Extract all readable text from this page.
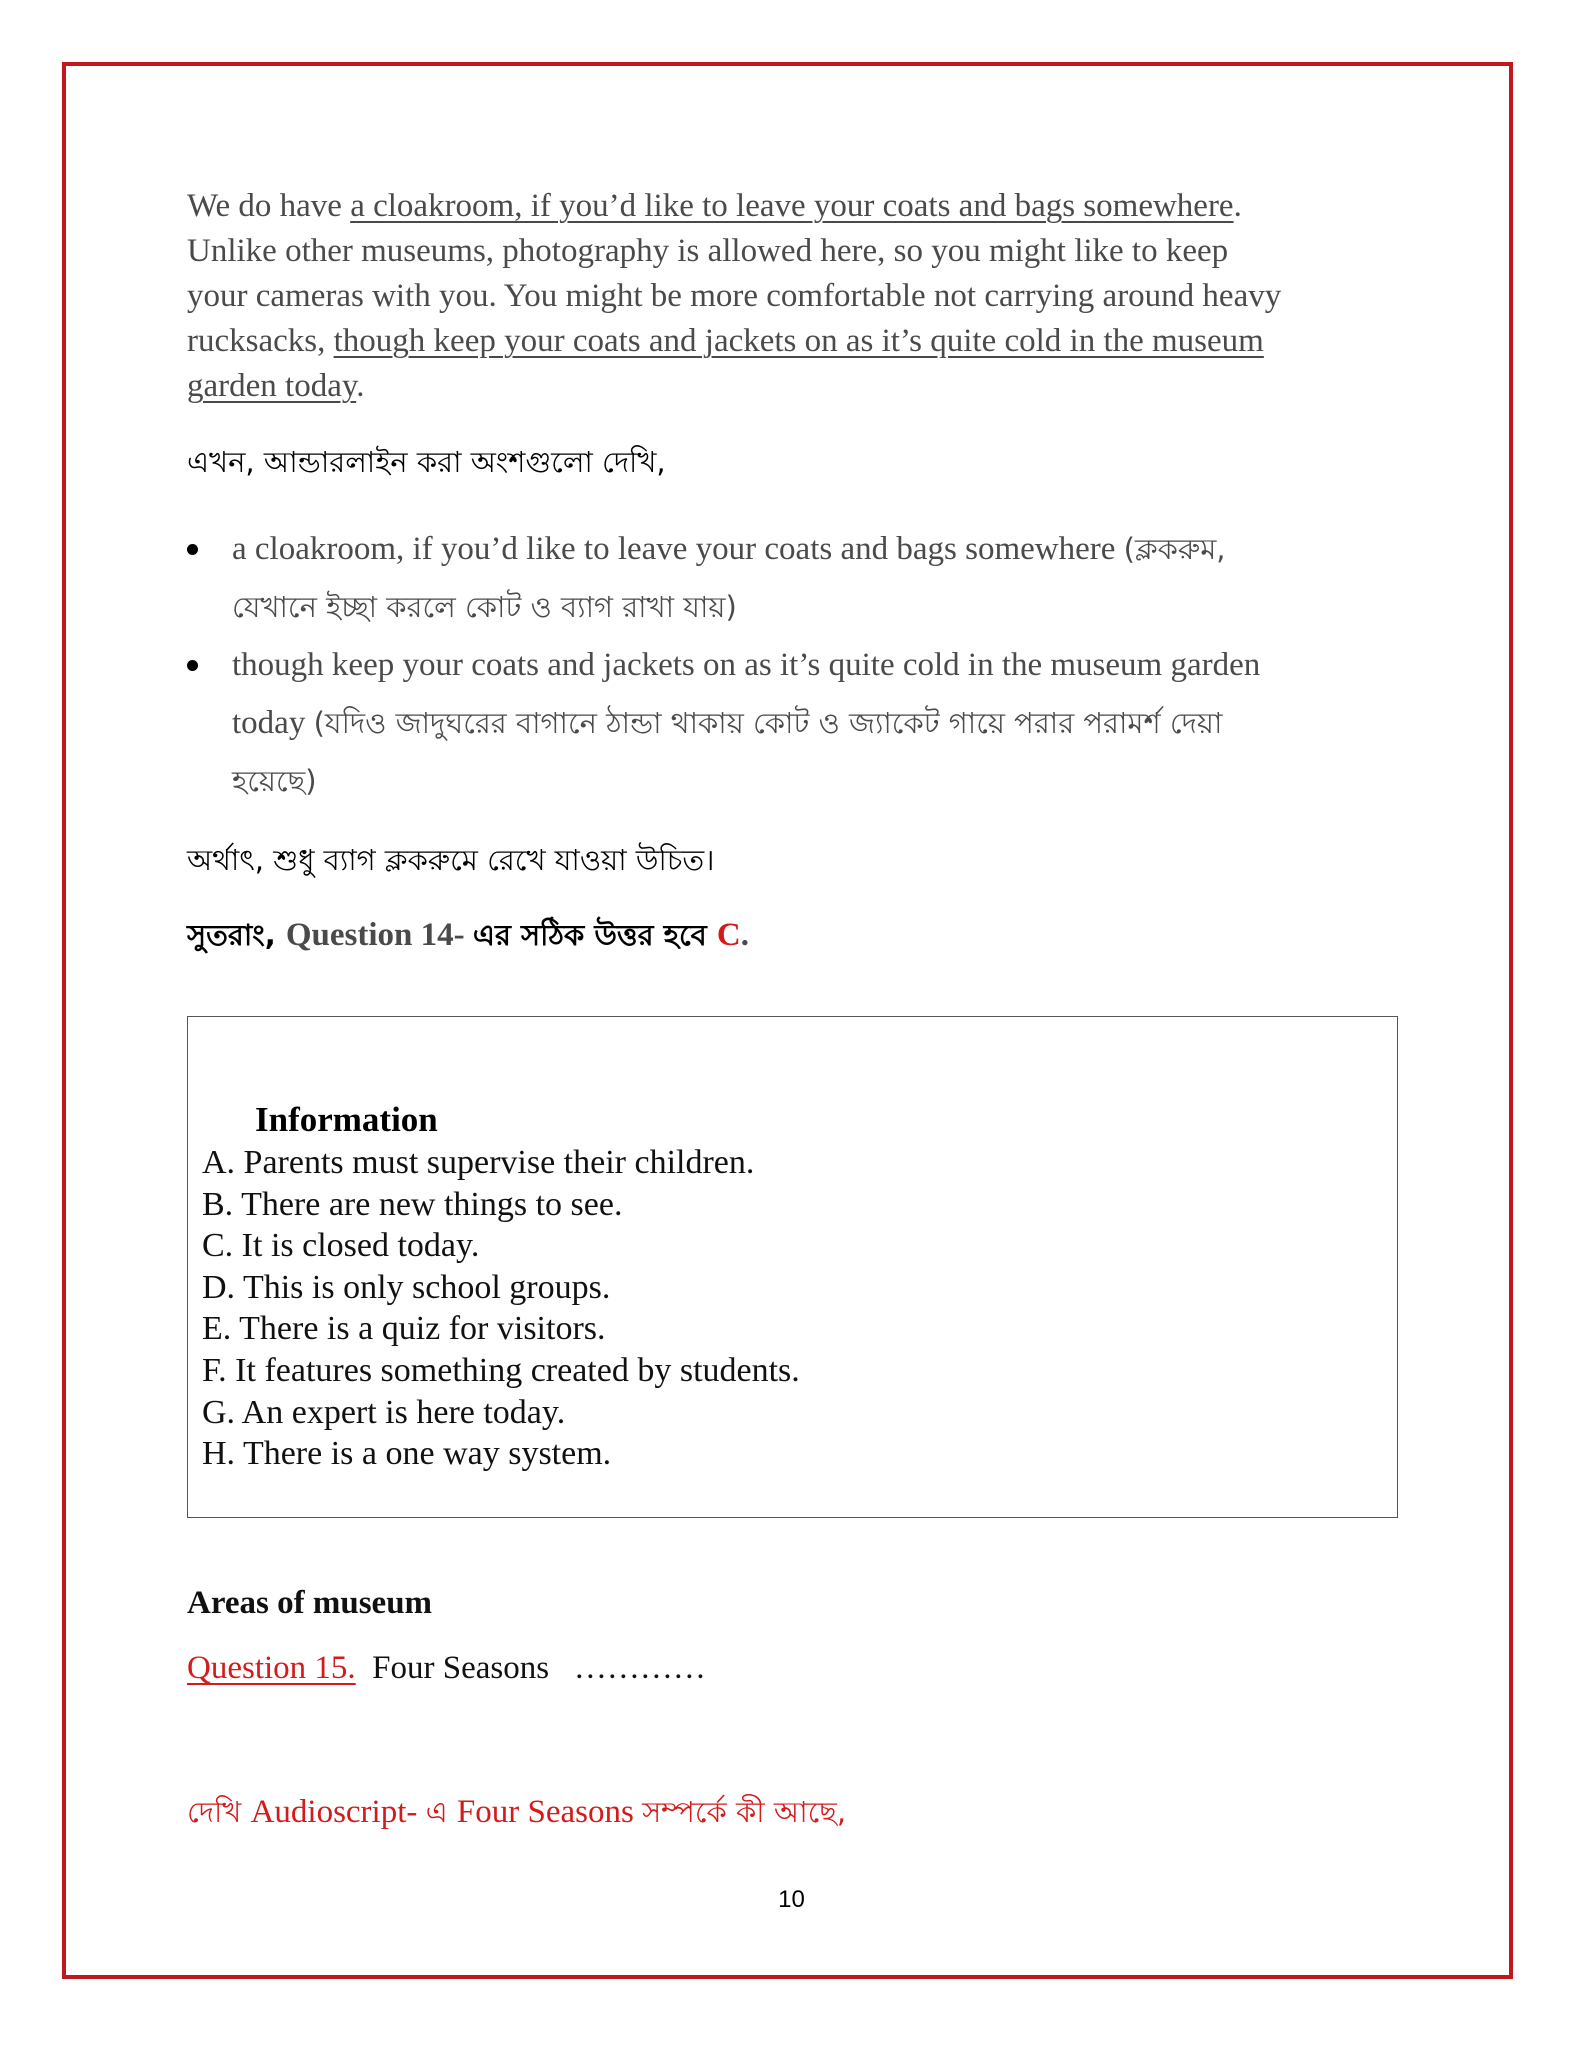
We do have a cloakroom, if you’d like to leave your coats and bags somewhere.
Unlike other museums, photography is allowed here, so you might like to keep
your cameras with you. You might be more comfortable not carrying around heavy
rucksacks, though keep your coats and jackets on as it’s quite cold in the museum
garden today.
এখন, আন্ডারলাইন করা অংশগুলো দেখি,
a cloakroom, if you’d like to leave your coats and bags somewhere (ক্লকরুম,
যেখানে ইচ্ছা করলে কোট ও ব্যাগ রাখা যায়)
though keep your coats and jackets on as it’s quite cold in the museum garden
today (যদিও জাদুঘরের বাগানে ঠান্ডা থাকায় কোট ও জ্যাকেট গায়ে পরার পরামর্শ দেয়া
হয়েছে)
অর্থাৎ, শুধু ব্যাগ ক্লকরুমে রেখে যাওয়া উচিত।
সুতরাং, Question 14- এর সঠিক উত্তর হবে C.
Information
A. Parents must supervise their children.
B. There are new things to see.
C. It is closed today.
D. This is only school groups.
E. There is a quiz for visitors.
F. It features something created by students.
G. An expert is here today.
H. There is a one way system.
Areas of museum
Question 15. Four Seasons …………
দেখি Audioscript- এ Four Seasons সম্পর্কে কী আছে,
10
